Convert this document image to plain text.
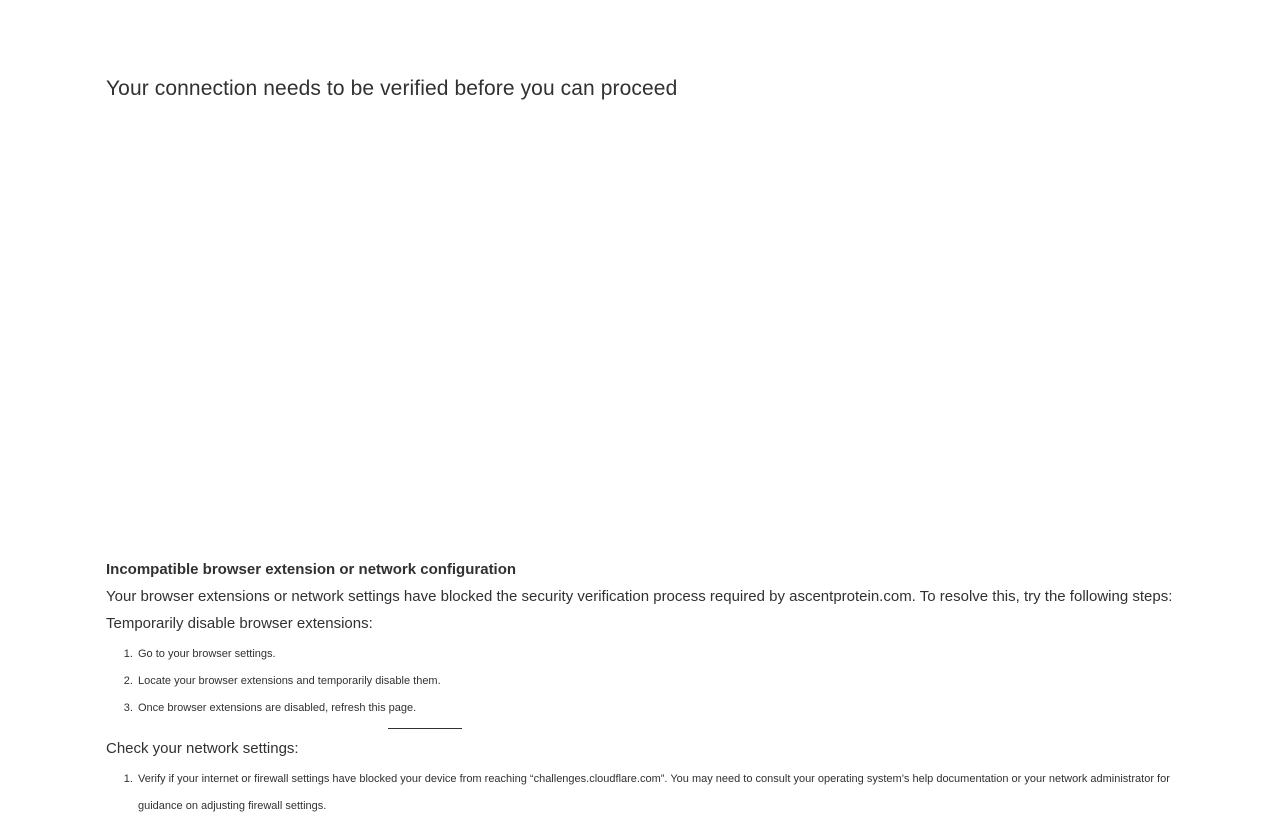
Your connection needs to be verified before you can proceed

Incompatible browser extension or network configuration

Your browser extensions or network settings have blocked the security verification process required by ascentprotein.com. To resolve this, try the following steps:

Temporarily disable browser extensions:

1. Go to your browser settings.
2. Locate your browser extensions and temporarily disable them.
3. Once browser extensions are disabled, refresh this page.

Check your network settings:

1. Verify if your internet or firewall settings have blocked your device from reaching “challenges.cloudflare.com”. You may need to consult your operating system’s help documentation or your network administrator for guidance on adjusting firewall settings.
